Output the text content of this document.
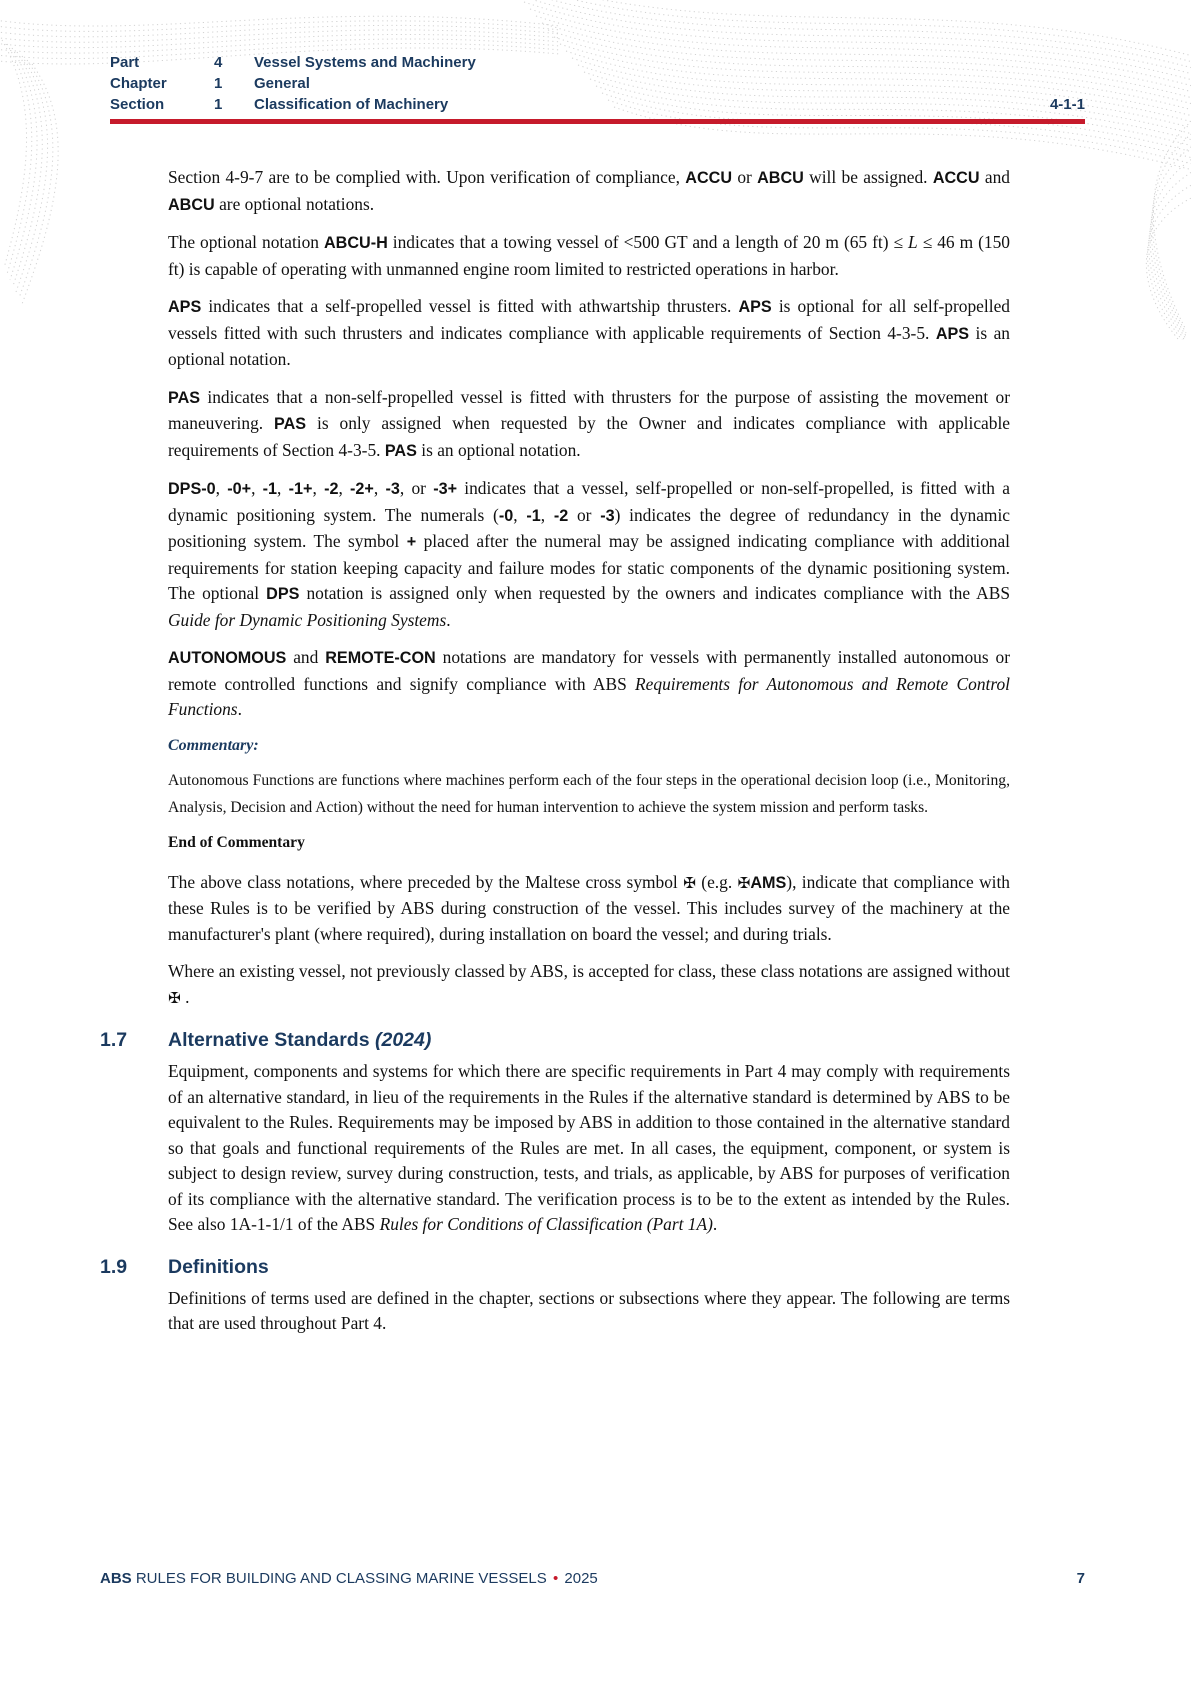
Part	4	Vessel Systems and Machinery
Chapter	1	General
Section	1	Classification of Machinery	4-1-1
Section 4-9-7 are to be complied with. Upon verification of compliance, ACCU or ABCU will be assigned. ACCU and ABCU are optional notations.
The optional notation ABCU-H indicates that a towing vessel of <500 GT and a length of 20 m (65 ft) ≤ L ≤ 46 m (150 ft) is capable of operating with unmanned engine room limited to restricted operations in harbor.
APS indicates that a self-propelled vessel is fitted with athwartship thrusters. APS is optional for all self-propelled vessels fitted with such thrusters and indicates compliance with applicable requirements of Section 4-3-5. APS is an optional notation.
PAS indicates that a non-self-propelled vessel is fitted with thrusters for the purpose of assisting the movement or maneuvering. PAS is only assigned when requested by the Owner and indicates compliance with applicable requirements of Section 4-3-5. PAS is an optional notation.
DPS-0, -0+, -1, -1+, -2, -2+, -3, or -3+ indicates that a vessel, self-propelled or non-self-propelled, is fitted with a dynamic positioning system. The numerals (-0, -1, -2 or -3) indicates the degree of redundancy in the dynamic positioning system. The symbol + placed after the numeral may be assigned indicating compliance with additional requirements for station keeping capacity and failure modes for static components of the dynamic positioning system. The optional DPS notation is assigned only when requested by the owners and indicates compliance with the ABS Guide for Dynamic Positioning Systems.
AUTONOMOUS and REMOTE-CON notations are mandatory for vessels with permanently installed autonomous or remote controlled functions and signify compliance with ABS Requirements for Autonomous and Remote Control Functions.
Commentary:
Autonomous Functions are functions where machines perform each of the four steps in the operational decision loop (i.e., Monitoring, Analysis, Decision and Action) without the need for human intervention to achieve the system mission and perform tasks.
End of Commentary
The above class notations, where preceded by the Maltese cross symbol ✠ (e.g. ✠AMS), indicate that compliance with these Rules is to be verified by ABS during construction of the vessel. This includes survey of the machinery at the manufacturer's plant (where required), during installation on board the vessel; and during trials.
Where an existing vessel, not previously classed by ABS, is accepted for class, these class notations are assigned without ✠ .
1.7 Alternative Standards (2024)
Equipment, components and systems for which there are specific requirements in Part 4 may comply with requirements of an alternative standard, in lieu of the requirements in the Rules if the alternative standard is determined by ABS to be equivalent to the Rules. Requirements may be imposed by ABS in addition to those contained in the alternative standard so that goals and functional requirements of the Rules are met. In all cases, the equipment, component, or system is subject to design review, survey during construction, tests, and trials, as applicable, by ABS for purposes of verification of its compliance with the alternative standard. The verification process is to be to the extent as intended by the Rules. See also 1A-1-1/1 of the ABS Rules for Conditions of Classification (Part 1A).
1.9 Definitions
Definitions of terms used are defined in the chapter, sections or subsections where they appear. The following are terms that are used throughout Part 4.
ABS RULES FOR BUILDING AND CLASSING MARINE VESSELS • 2025	7
